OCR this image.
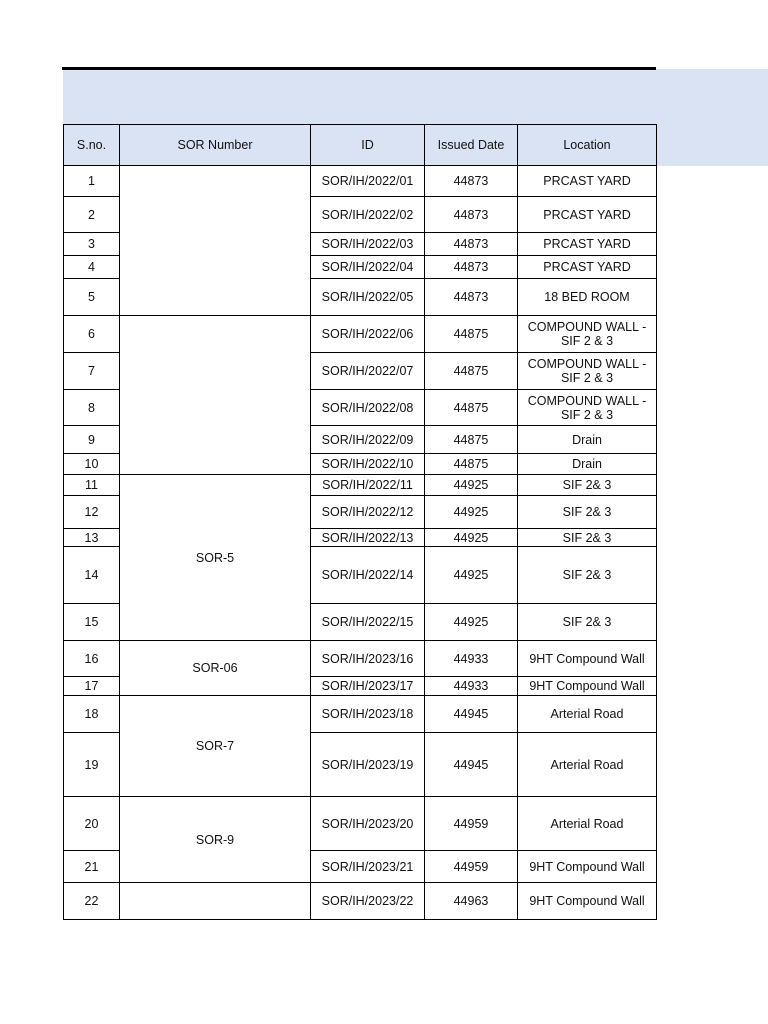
S.no.	SOR Number	ID	Issued Date	Location
1		SOR/IH/2022/01	44873	PRCAST YARD
2		SOR/IH/2022/02	44873	PRCAST YARD
3		SOR/IH/2022/03	44873	PRCAST YARD
4		SOR/IH/2022/04	44873	PRCAST YARD
5		SOR/IH/2022/05	44873	18 BED ROOM
6		SOR/IH/2022/06	44875	COMPOUND WALL - SIF 2 & 3
7		SOR/IH/2022/07	44875	COMPOUND WALL - SIF 2 & 3
8		SOR/IH/2022/08	44875	COMPOUND WALL - SIF 2 & 3
9		SOR/IH/2022/09	44875	Drain
10		SOR/IH/2022/10	44875	Drain
11	SOR-5	SOR/IH/2022/11	44925	SIF 2& 3
12		SOR/IH/2022/12	44925	SIF 2& 3
13		SOR/IH/2022/13	44925	SIF 2& 3
14		SOR/IH/2022/14	44925	SIF 2& 3
15		SOR/IH/2022/15	44925	SIF 2& 3
16	SOR-06	SOR/IH/2023/16	44933	9HT Compound Wall
17		SOR/IH/2023/17	44933	9HT Compound Wall
18	SOR-7	SOR/IH/2023/18	44945	Arterial Road
19		SOR/IH/2023/19	44945	Arterial Road
20	SOR-9	SOR/IH/2023/20	44959	Arterial Road
21		SOR/IH/2023/21	44959	9HT Compound Wall
22		SOR/IH/2023/22	44963	9HT Compound Wall
